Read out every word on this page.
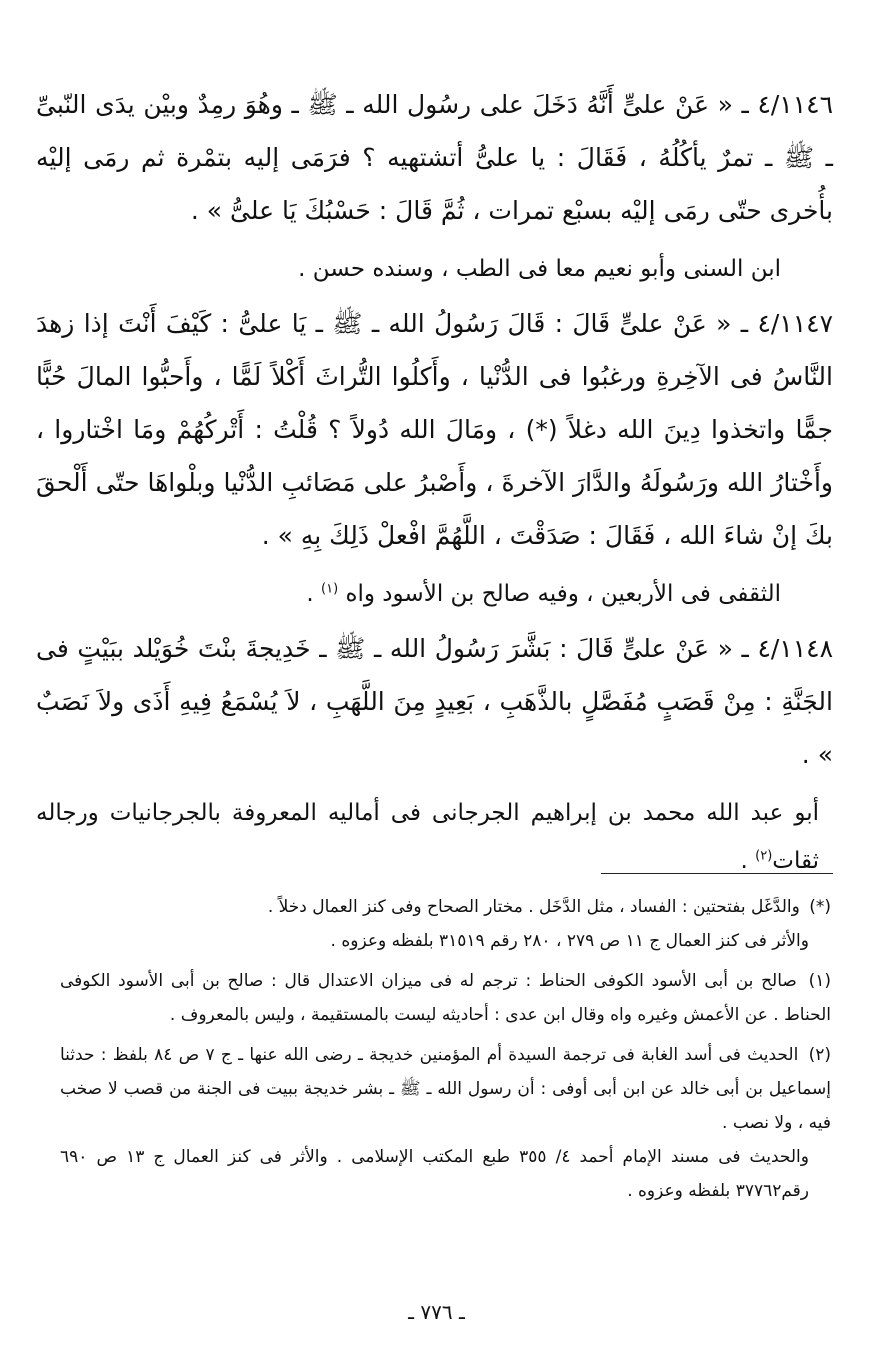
٤/١١٤٦ ـ « عَنْ علىٍّ أَنَّهُ دَخَلَ على رسُول الله ـ ﷺ ـ وهُوَ رمِدٌ وبيْن يدَى النّبىِّ ـ ﷺ ـ تمرٌ يأكُلُهُ ، فَقَالَ : يا علىُّ أتشتهيه ؟ فرَمَى إليه بتمْرة ثم رمَى إليْه بأُخرى حتّى رمَى إليْه بسبْع تمرات ، ثُمَّ قَالَ : حَسْبُكَ يَا علىُّ » .

ابن السنى وأبو نعيم معا فى الطب ، وسنده حسن .

٤/١١٤٧ ـ « عَنْ علىٍّ قَالَ : قَالَ رَسُولُ الله ـ ﷺ ـ يَا علىُّ : كَيْفَ أَنْتَ إذا زهدَ النَّاسُ فى الآخِرةِ ورغبُوا فى الدُّنْيا ، وأَكلُوا التُّراثَ أَكْلاً لَمًّا ، وأَحبُّوا المالَ حُبًّا جمًّا واتخذوا دِينَ الله دغلاً (*) ، ومَالَ الله دُولاً ؟ قُلْتُ : أَتْركُهُمْ ومَا اخْتاروا ، وأَخْتارُ الله ورَسُولَهُ والدَّارَ الآخرةَ ، وأَصْبرُ على مَصَائبِ الدُّنْيا وبلْواهَا حتّى أَلْحقَ بكَ إنْ شاءَ الله ، فَقَالَ : صَدَقْتَ ، اللَّهُمَّ افْعلْ ذَلِكَ بِهِ » .

الثقفى فى الأربعين ، وفيه صالح بن الأسود واه $^{(١)}$ .

٤/١١٤٨ ـ « عَنْ علىٍّ قَالَ : بَشَّرَ رَسُولُ الله ـ ﷺ ـ خَدِيجةَ بنْتَ خُوَيْلد ببَيْتٍ فى الجَنَّةِ : مِنْ قَصَبٍ مُفَصَّلٍ بالذَّهَبِ ، بَعِيدٍ مِنَ اللَّهَبِ ، لاَ يُسْمَعُ فِيهِ أَذَى ولاَ نَصَبٌ » .

أبو عبد الله محمد بن إبراهيم الجرجانى فى أماليه المعروفة بالجرجانيات ورجاله ثقات$^{(٢)}$ .

(*) والدَّغَل بفتحتين : الفساد ، مثل الدَّخَل . مختار الصحاح وفى كنز العمال دخلاً .
والأثر فى كنز العمال ج ١١ ص ٢٧٩ ، ٢٨٠ رقم ٣١٥١٩ بلفظه وعزوه .

(١) صالح بن أبى الأسود الكوفى الحناط : ترجم له فى ميزان الاعتدال قال : صالح بن أبى الأسود الكوفى الحناط . عن الأعمش وغيره واه وقال ابن عدى : أحاديثه ليست بالمستقيمة ، وليس بالمعروف .

(٢) الحديث فى أسد الغابة فى ترجمة السيدة أم المؤمنين خديجة ـ رضى الله عنها ـ ج ٧ ص ٨٤ بلفظ : حدثنا إسماعيل بن أبى خالد عن ابن أبى أوفى : أن رسول الله ـ ﷺ ـ بشر خديجة ببيت فى الجنة من قصب لا صخب فيه ، ولا نصب .
والحديث فى مسند الإمام أحمد ٤/ ٣٥٥ طبع المكتب الإسلامى . والأثر فى كنز العمال ج ١٣ ص ٦٩٠ رقم٣٧٧٦٢ بلفظه وعزوه .

ـ ٧٧٦ ـ
